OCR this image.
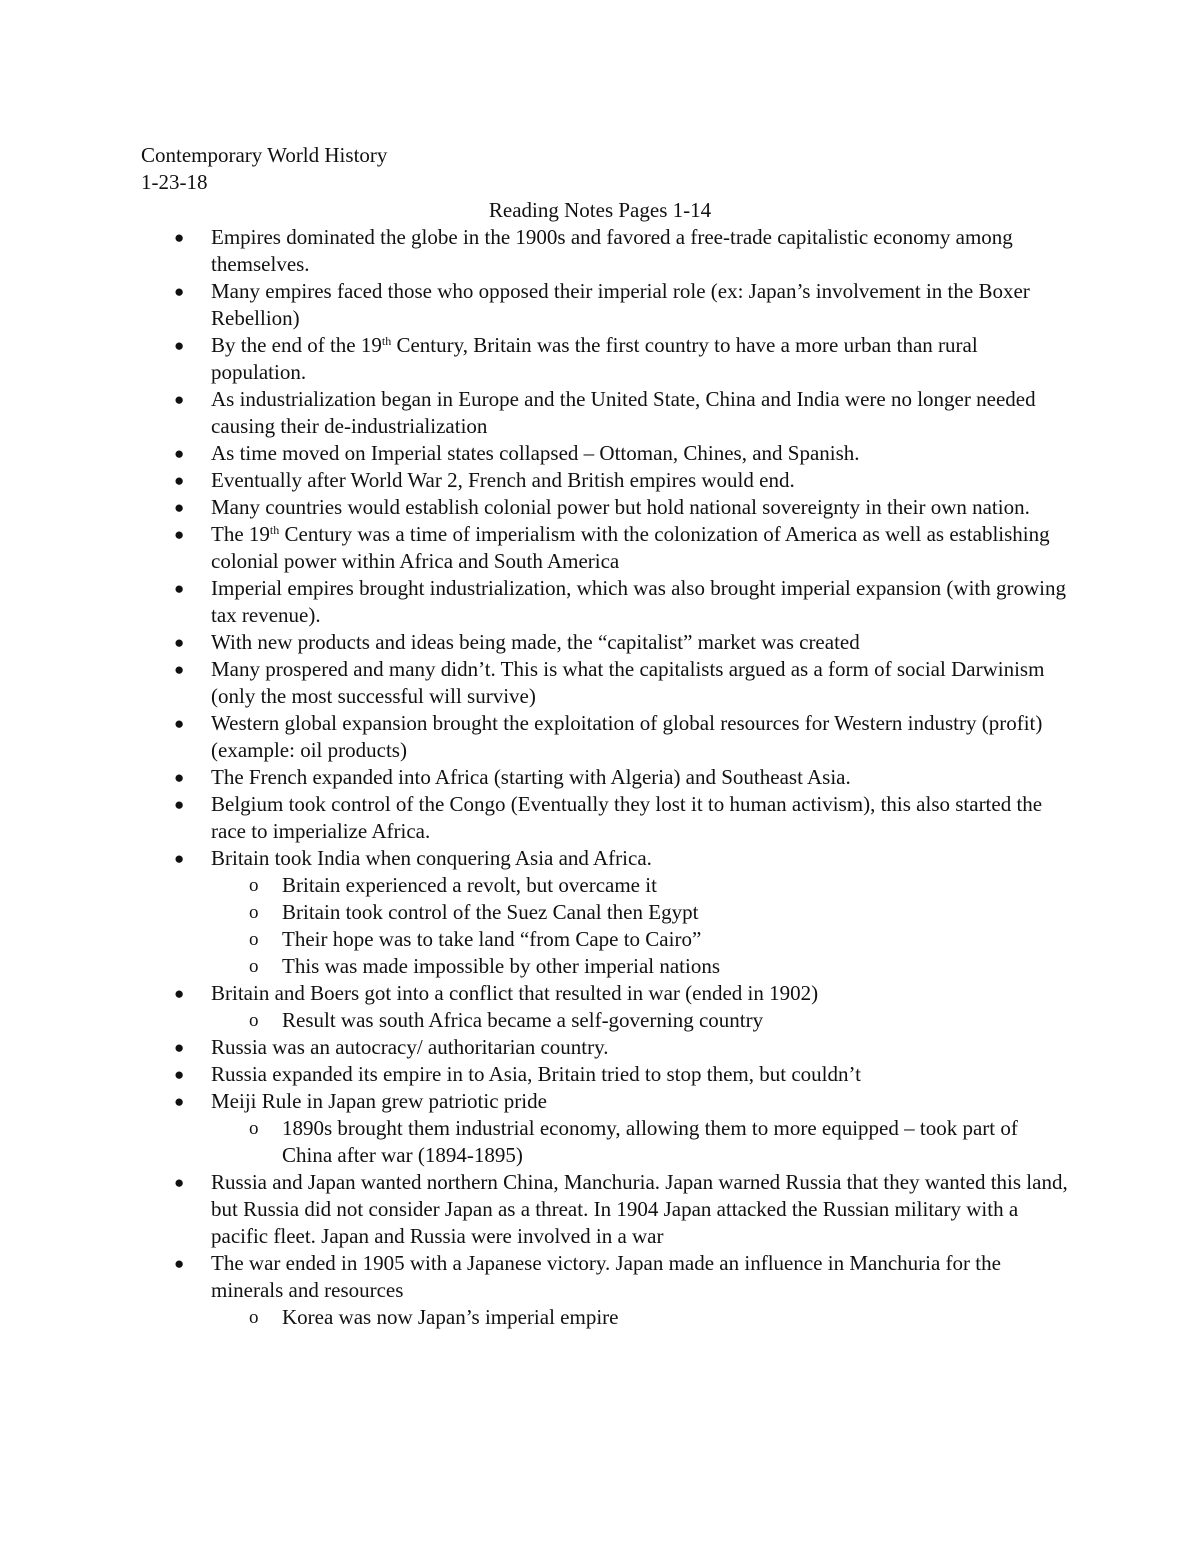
Contemporary World History
1-23-18
Reading Notes Pages 1-14
● Empires dominated the globe in the 1900s and favored a free-trade capitalistic economy among themselves.
● Many empires faced those who opposed their imperial role (ex: Japan’s involvement in the Boxer Rebellion)
● By the end of the 19th Century, Britain was the first country to have a more urban than rural population.
● As industrialization began in Europe and the United State, China and India were no longer needed causing their de-industrialization
● As time moved on Imperial states collapsed – Ottoman, Chines, and Spanish.
● Eventually after World War 2, French and British empires would end.
● Many countries would establish colonial power but hold national sovereignty in their own nation.
● The 19th Century was a time of imperialism with the colonization of America as well as establishing colonial power within Africa and South America
● Imperial empires brought industrialization, which was also brought imperial expansion (with growing tax revenue).
● With new products and ideas being made, the “capitalist” market was created
● Many prospered and many didn’t. This is what the capitalists argued as a form of social Darwinism (only the most successful will survive)
● Western global expansion brought the exploitation of global resources for Western industry (profit) (example: oil products)
● The French expanded into Africa (starting with Algeria) and Southeast Asia.
● Belgium took control of the Congo (Eventually they lost it to human activism), this also started the race to imperialize Africa.
● Britain took India when conquering Asia and Africa.
o Britain experienced a revolt, but overcame it
o Britain took control of the Suez Canal then Egypt
o Their hope was to take land “from Cape to Cairo”
o This was made impossible by other imperial nations
● Britain and Boers got into a conflict that resulted in war (ended in 1902)
o Result was south Africa became a self-governing country
● Russia was an autocracy/ authoritarian country.
● Russia expanded its empire in to Asia, Britain tried to stop them, but couldn’t
● Meiji Rule in Japan grew patriotic pride
o 1890s brought them industrial economy, allowing them to more equipped – took part of China after war (1894-1895)
● Russia and Japan wanted northern China, Manchuria. Japan warned Russia that they wanted this land, but Russia did not consider Japan as a threat. In 1904 Japan attacked the Russian military with a pacific fleet. Japan and Russia were involved in a war
● The war ended in 1905 with a Japanese victory. Japan made an influence in Manchuria for the minerals and resources
o Korea was now Japan’s imperial empire
